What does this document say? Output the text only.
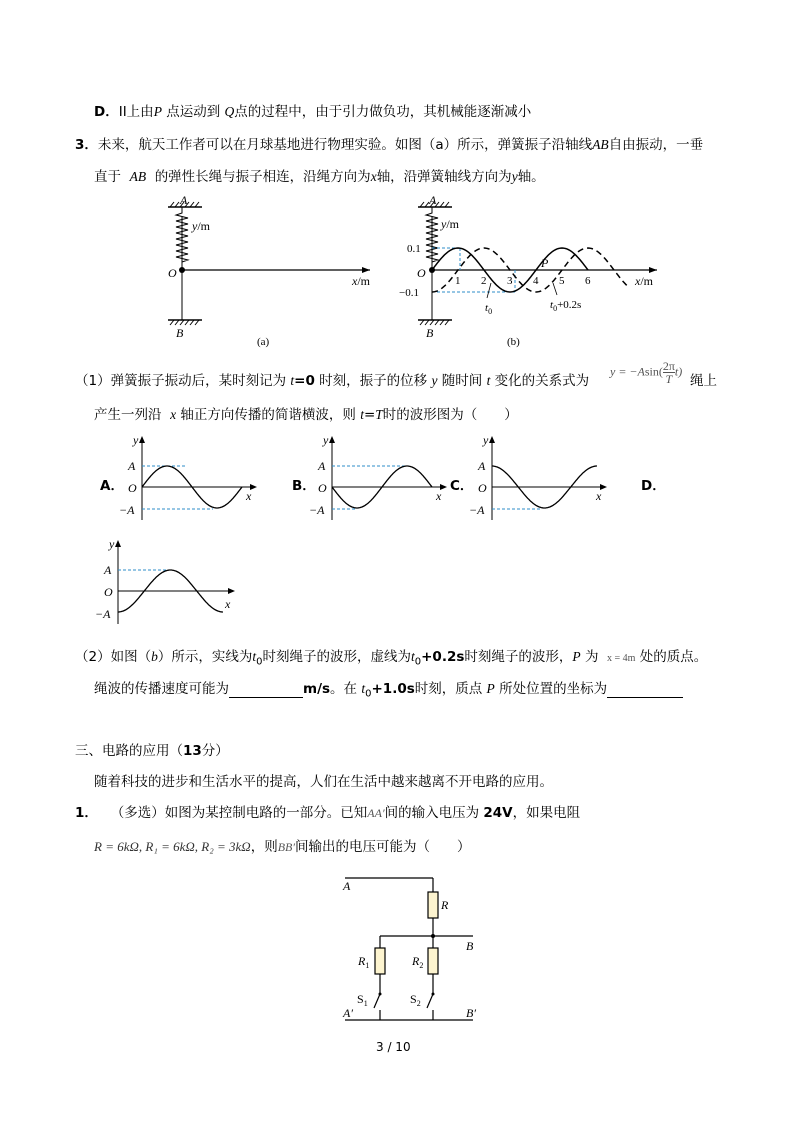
D．II上由P 点运动到 Q点的过程中，由于引力做负功，其机械能逐渐减小
3．未来，航天工作者可以在月球基地进行物理实验。如图（a）所示，弹簧振子沿轴线AB自由振动，一垂
直于 AB 的弹性长绳与振子相连，沿绳方向为x轴，沿弹簧轴线方向为y轴。
A
y/m
x/m
O
B
(a)
A
y/m
x/m
O
0.1
−0.1
1 2 3 4 5 6
P
$t_0$
$t_0+0.2s$
B
(b)
（1）弹簧振子振动后，某时刻记为 t=0 时刻，振子的位移 y 随时间 t 变化的关系式为
$y = -Asin( \frac{2\pi}{T} t)$
绳上
产生一列沿 x 轴正方向传播的简谐横波，则 t=T时的波形图为（　　）
A．
y
A
O
−A
x
B．
y
A
O
−A
x
C．
y
A
O
−A
x
D．
y
A
O
−A
x
（2）如图（b）所示，实线为$t_0$时刻绳子的波形，虚线为$t_0+0.2s$时刻绳子的波形，P 为 x = 4m 处的质点。
绳波的传播速度可能为	m/s。在 $t_0+1.0s$时刻，质点 P 所处位置的坐标为
三、电路的应用（13分）
随着科技的进步和生活水平的提高，人们在生活中越来越离不开电路的应用。
1． （多选）如图为某控制电路的一部分。已知AA′间的输入电压为 24V，如果电阻
R = 6kΩ, R₁ = 6kΩ, R₂ = 3kΩ，则BB′间输出的电压可能为（　　）
A
R
B
$R_1$	$R_2$
$S_1$	$S_2$
A′	B′
3 / 10
